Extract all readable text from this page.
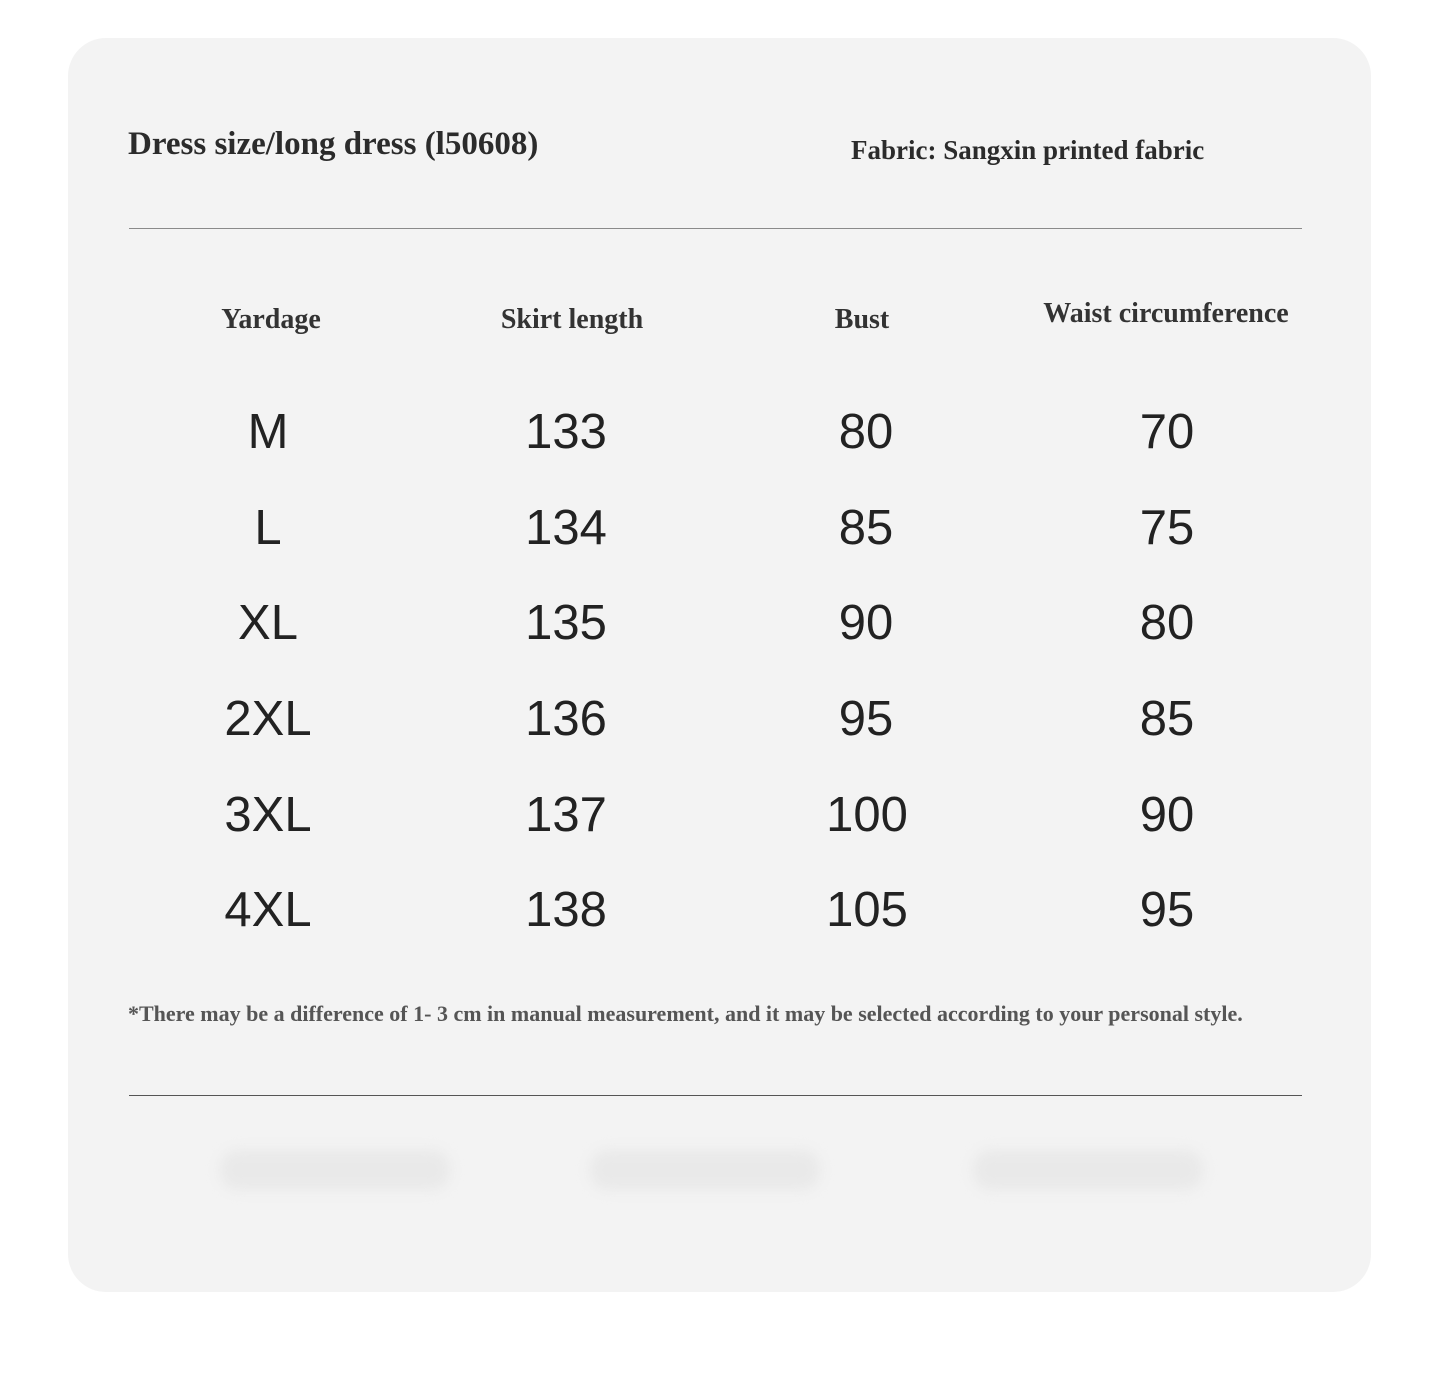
Dress size/long dress (l50608)	Fabric: Sangxin printed fabric
Yardage	Skirt length	Bust	Waist circumference
M	133	80	70
L	134	85	75
XL	135	90	80
2XL	136	95	85
3XL	137	100	90
4XL	138	105	95
*There may be a difference of 1- 3 cm in manual measurement, and it may be selected according to your personal style.
